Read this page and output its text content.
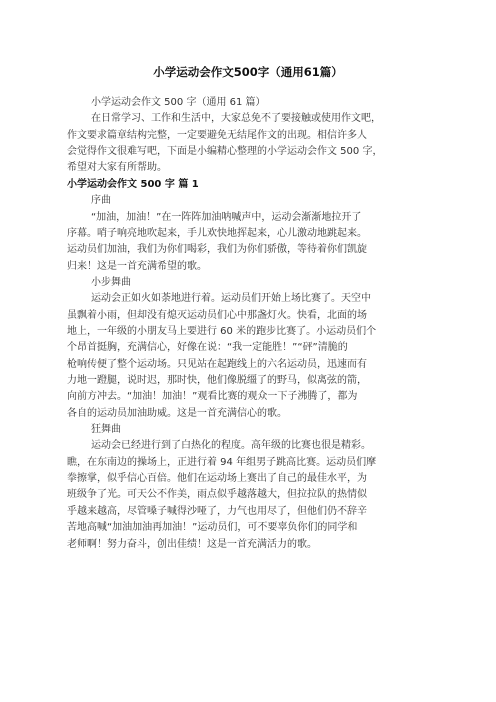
小学运动会作文500字（通用61篇）
小学运动会作文 500 字（通用 61 篇）
在日常学习、工作和生活中，大家总免不了要接触或使用作文吧，
作文要求篇章结构完整，一定要避免无结尾作文的出现。相信许多人
会觉得作文很难写吧，下面是小编精心整理的小学运动会作文 500 字，
希望对大家有所帮助。
小学运动会作文 500 字 篇 1
序曲
“加油，加油！”在一阵阵加油呐喊声中，运动会渐渐地拉开了
序幕。哨子响亮地吹起来，手儿欢快地挥起来，心儿激动地跳起来。
运动员们加油，我们为你们喝彩，我们为你们骄傲，等待着你们凯旋
归来！这是一首充满希望的歌。
小步舞曲
运动会正如火如荼地进行着。运动员们开始上场比赛了。天空中
虽飘着小雨，但却没有熄灭运动员们心中那盏灯火。快看，北面的场
地上，一年级的小朋友马上要进行 60 米的跑步比赛了。小运动员们个
个昂首挺胸，充满信心，好像在说：“我一定能胜！”“砰”清脆的
枪响传便了整个运动场。只见站在起跑线上的六名运动员，迅速而有
力地一蹬腿，说时迟，那时快，他们像脱缰了的野马，似离弦的箭，
向前方冲去。“加油！加油！”观看比赛的观众一下子沸腾了，都为
各自的运动员加油助威。这是一首充满信心的歌。
狂舞曲
运动会已经进行到了白热化的程度。高年级的比赛也很是精彩。
瞧，在东南边的操场上，正进行着 94 年组男子跳高比赛。运动员们摩
拳擦掌，似乎信心百倍。他们在运动场上赛出了自己的最佳水平，为
班级争了光。可天公不作美，雨点似乎越落越大，但拉拉队的热情似
乎越来越高，尽管嗓子喊得沙哑了，力气也用尽了，但他们仍不辞辛
苦地高喊“加油加油再加油！”运动员们，可不要辜负你们的同学和
老师啊！努力奋斗，创出佳绩！这是一首充满活力的歌。
